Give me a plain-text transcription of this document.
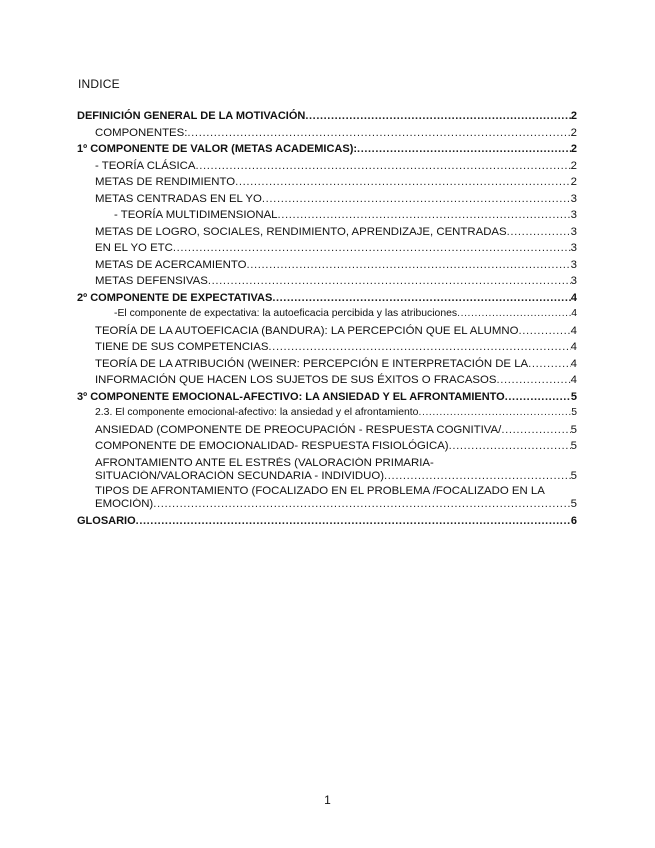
INDICE
DEFINICIÓN GENERAL DE LA MOTIVACIÓN .....	2
COMPONENTES: .....	2
1º COMPONENTE DE VALOR (METAS ACADEMICAS): .....	2
- TEORÍA CLÁSICA .....	2
METAS DE RENDIMIENTO .....	2
METAS CENTRADAS EN EL YO .....	3
- TEORÍA MULTIDIMENSIONAL .....	3
METAS DE LOGRO, SOCIALES, RENDIMIENTO, APRENDIZAJE, CENTRADAS .....	3
EN EL YO ETC .....	3
METAS DE ACERCAMIENTO .....	3
METAS DEFENSIVAS .....	3
2º COMPONENTE DE EXPECTATIVAS .....	4
-El componente de expectativa: la autoeficacia percibida y las atribuciones .....	4
TEORÍA DE LA AUTOEFICACIA (BANDURA): LA PERCEPCIÓN QUE EL ALUMNO .....	4
TIENE DE SUS COMPETENCIAS .....	4
TEORÍA DE LA ATRIBUCIÓN (WEINER: PERCEPCIÓN E INTERPRETACIÓN DE LA .....	4
INFORMACIÓN QUE HACEN LOS SUJETOS DE SUS ÉXITOS O FRACASOS .....	4
3º COMPONENTE EMOCIONAL-AFECTIVO: LA ANSIEDAD Y EL AFRONTAMIENTO .....	5
2.3. El componente emocional-afectivo: la ansiedad y el afrontamiento .....	5
ANSIEDAD (COMPONENTE DE PREOCUPACIÓN - RESPUESTA COGNITIVA/ .....	5
COMPONENTE DE EMOCIONALIDAD- RESPUESTA FISIOLÓGICA) .....	5
AFRONTAMIENTO ANTE EL ESTRÉS (VALORACIÓN PRIMARIA-
SITUACIÓN/VALORACIÓN SECUNDARIA - INDIVIDUO) .....	5
TIPOS DE AFRONTAMIENTO (FOCALIZADO EN EL PROBLEMA /FOCALIZADO EN LA
EMOCIÓN) .....	5
GLOSARIO .....	6
1
